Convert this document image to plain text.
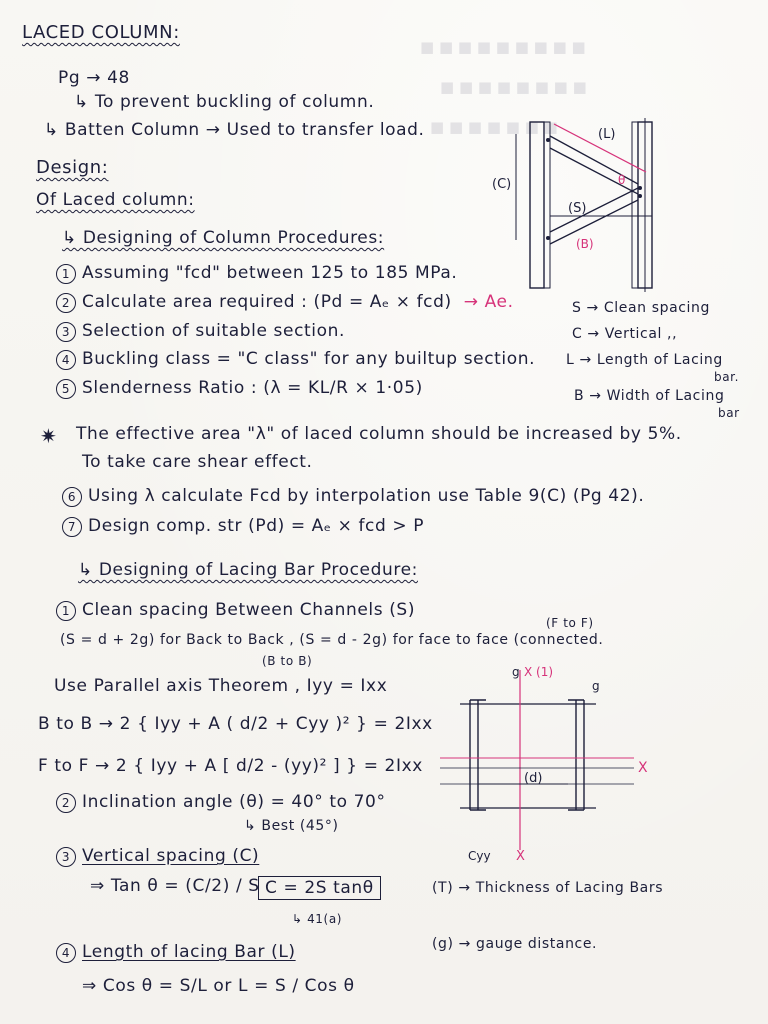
■ ■ ■ ■ ■ ■ ■ ■ ■
■ ■ ■ ■ ■ ■ ■ ■
■ ■ ■ ■ ■ ■ ■
LACED COLUMN:
Pg → 48
↳ To prevent buckling of column.
↳ Batten Column → Used to transfer load.
Design:
Of Laced column:
↳ Designing of Column Procedures:
1 Assuming "fcd" between 125 to 185 MPa.
2 Calculate area required : (Pd = Aₑ × fcd) → Ae.
3 Selection of suitable section.
4 Buckling class = "C class" for any builtup section.
5 Slenderness Ratio : (λ = KL/R × 1·05)
S → Clean spacing
C → Vertical ,,
L → Length of Lacing
bar.
B → Width of Lacing
bar
(L)
(C)
(S)
(B)
θ
The effective area "λ" of laced column should be increased by 5%.
To take care shear effect.
✷
6 Using λ calculate Fcd by interpolation use Table 9(C) (Pg 42).
7 Design comp. str (Pd) = Aₑ × fcd > P
↳ Designing of Lacing Bar Procedure:
1 Clean spacing Between Channels (S)
(F to F)
(S = d + 2g) for Back to Back , (S = d - 2g) for face to face (connected.
(B to B)
Use Parallel axis Theorem , Iyy = Ixx
B to B → 2 { Iyy + A ( d/2 + Cyy )² } = 2Ixx
F to F → 2 { Iyy + A [ d/2 - (yy)² ] } = 2Ixx
2 Inclination angle (θ) = 40° to 70°
↳ Best (45°)
3 Vertical spacing (C)
⇒ Tan θ = (C/2) / S C = 2S tanθ
↳ 41(a)
4 Length of lacing Bar (L)
⇒ Cos θ = S/L or L = S / Cos θ
g X (1)
g
(d)
X
Cyy X
(T) → Thickness of Lacing Bars
(g) → gauge distance.
